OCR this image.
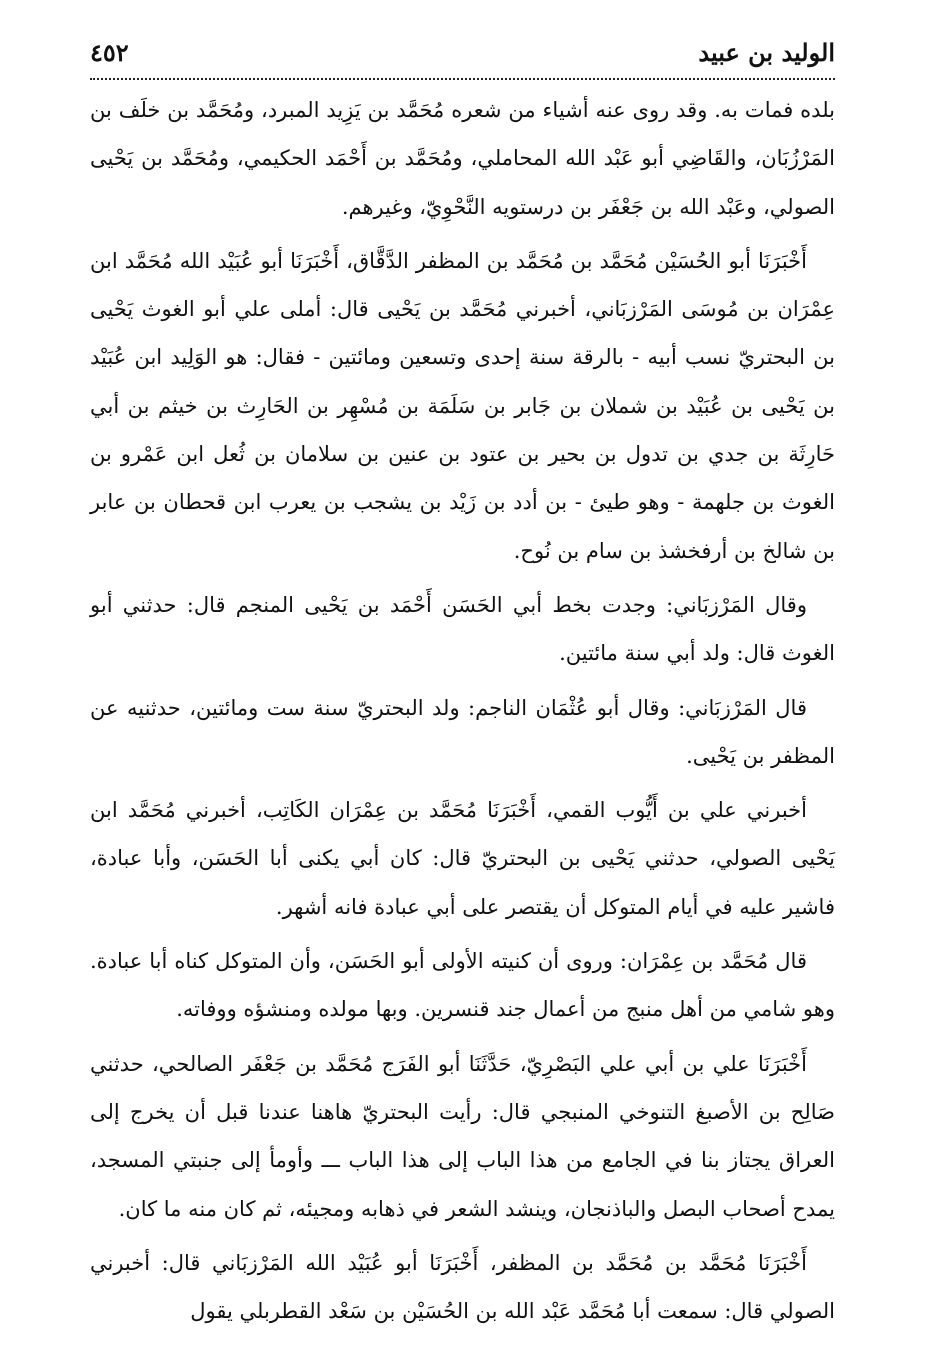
الوليد بن عبيد
٤٥٢

بلده فمات به. وقد روى عنه أشياء من شعره مُحَمَّد بن يَزِيد المبرد، ومُحَمَّد بن خلَف بن المَرْزُبَان، والقَاضِي أبو عَبْد الله المحاملي، ومُحَمَّد بن أَحْمَد الحكيمي، ومُحَمَّد بن يَحْيى الصولي، وعَبْد الله بن جَعْفَر بن درستويه النَّحْوِيّ، وغيرهم.

أَخْبَرَنَا أبو الحُسَيْن مُحَمَّد بن مُحَمَّد بن المظفر الدَّقَّاق، أَخْبَرَنَا أبو عُبَيْد الله مُحَمَّد ابن عِمْرَان بن مُوسَى المَرْزبَاني، أخبرني مُحَمَّد بن يَحْيى قال: أملى علي أبو الغوث يَحْيى بن البحتريّ نسب أبيه - بالرقة سنة إحدى وتسعين ومائتين - فقال: هو الوَلِيد ابن عُبَيْد بن يَحْيى بن عُبَيْد بن شملان بن جَابر بن سَلَمَة بن مُسْهِر بن الحَارِث بن خيثم بن أبي حَارِثَة بن جدي بن تدول بن بحير بن عتود بن عنين بن سلامان بن ثُعل ابن عَمْرو بن الغوث بن جلهمة - وهو طيئ - بن أدد بن زَيْد بن يشجب بن يعرب ابن قحطان بن عابر بن شالخ بن أرفخشذ بن سام بن نُوح.

وقال المَرْزبَاني: وجدت بخط أبي الحَسَن أَحْمَد بن يَحْيى المنجم قال: حدثني أبو الغوث قال: ولد أبي سنة مائتين.

قال المَرْزبَاني: وقال أبو عُثْمَان الناجم: ولد البحتريّ سنة ست ومائتين، حدثنيه عن المظفر بن يَحْيى.

أخبرني علي بن أَيُّوب القمي، أَخْبَرَنَا مُحَمَّد بن عِمْرَان الكَاتِب، أخبرني مُحَمَّد ابن يَحْيى الصولي، حدثني يَحْيى بن البحتريّ قال: كان أبي يكنى أبا الحَسَن، وأبا عبادة، فاشير عليه في أيام المتوكل أن يقتصر على أبي عبادة فانه أشهر.

قال مُحَمَّد بن عِمْرَان: وروى أن كنيته الأولى أبو الحَسَن، وأن المتوكل كناه أبا عبادة. وهو شامي من أهل منبج من أعمال جند قنسرين. وبها مولده ومنشؤه ووفاته.

أَخْبَرَنَا علي بن أبي علي البَصْرِيّ، حَدَّثَنَا أبو الفَرَج مُحَمَّد بن جَعْفَر الصالحي، حدثني صَالِح بن الأصبغ التنوخي المنبجي قال: رأيت البحتريّ هاهنا عندنا قبل أن يخرج إلى العراق يجتاز بنا في الجامع من هذا الباب إلى هذا الباب ـــ وأومأ إلى جنبتي المسجد، يمدح أصحاب البصل والباذنجان، وينشد الشعر في ذهابه ومجيئه، ثم كان منه ما كان.

أَخْبَرَنَا مُحَمَّد بن مُحَمَّد بن المظفر، أَخْبَرَنَا أبو عُبَيْد الله المَرْزبَاني قال: أخبرني الصولي قال: سمعت أبا مُحَمَّد عَبْد الله بن الحُسَيْن بن سَعْد القطربلي يقول
